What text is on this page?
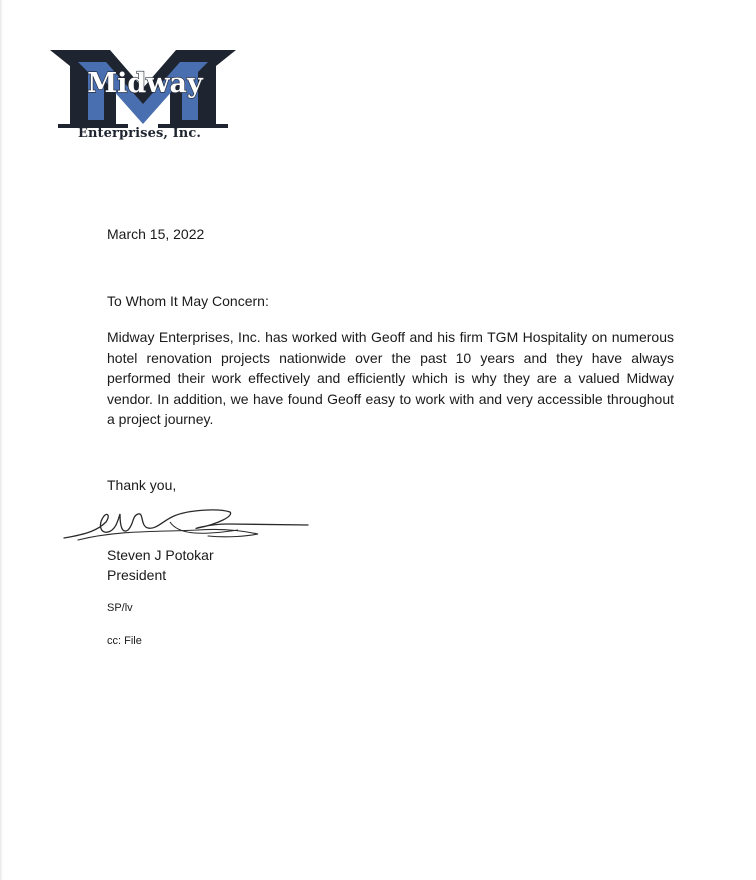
Midway
Enterprises, Inc.
March 15, 2022
To Whom It May Concern:

Midway Enterprises, Inc. has worked with Geoff and his firm TGM Hospitality on numerous hotel renovation projects nationwide over the past 10 years and they have always performed their work effectively and efficiently which is why they are a valued Midway vendor. In addition, we have found Geoff easy to work with and very accessible throughout a project journey.

Thank you,
Steven J Potokar
President
SP/lv
cc: File
